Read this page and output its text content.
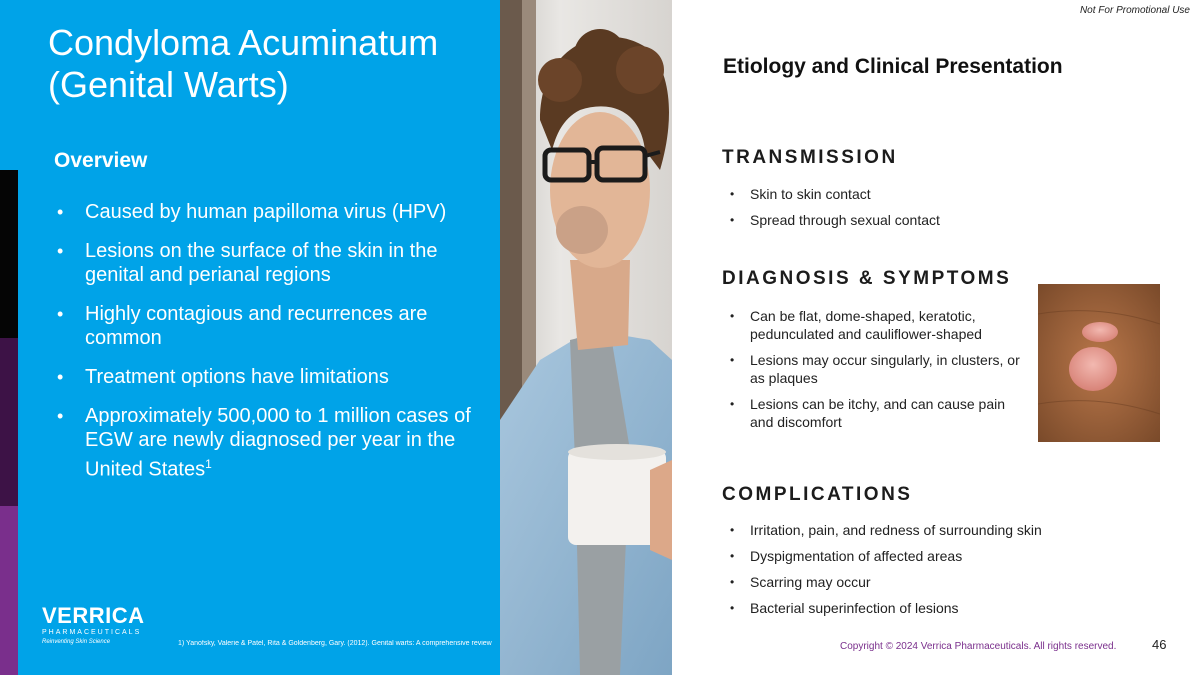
Condyloma Acuminatum
(Genital Warts)
Overview
• Caused by human papilloma virus (HPV)
• Lesions on the surface of the skin in the genital and perianal regions
• Highly contagious and recurrences are common
• Treatment options have limitations
• Approximately 500,000 to 1 million cases of EGW are newly diagnosed per year in the United States$^1$
VERRICA
PHARMACEUTICALS
Reinventing Skin Science	1) Yanofsky, Valerie & Patel, Rita & Goldenberg, Gary. (2012). Genital warts: A comprehensive review
Not For Promotional Use
Etiology and Clinical Presentation
TRANSMISSION
• Skin to skin contact
• Spread through sexual contact
DIAGNOSIS & SYMPTOMS
• Can be flat, dome-shaped, keratotic, pedunculated and cauliflower-shaped
• Lesions may occur singularly, in clusters, or as plaques
• Lesions can be itchy, and can cause pain and discomfort
COMPLICATIONS
• Irritation, pain, and redness of surrounding skin
• Dyspigmentation of affected areas
• Scarring may occur
• Bacterial superinfection of lesions
Copyright © 2024 Verrica Pharmaceuticals. All rights reserved.	46
